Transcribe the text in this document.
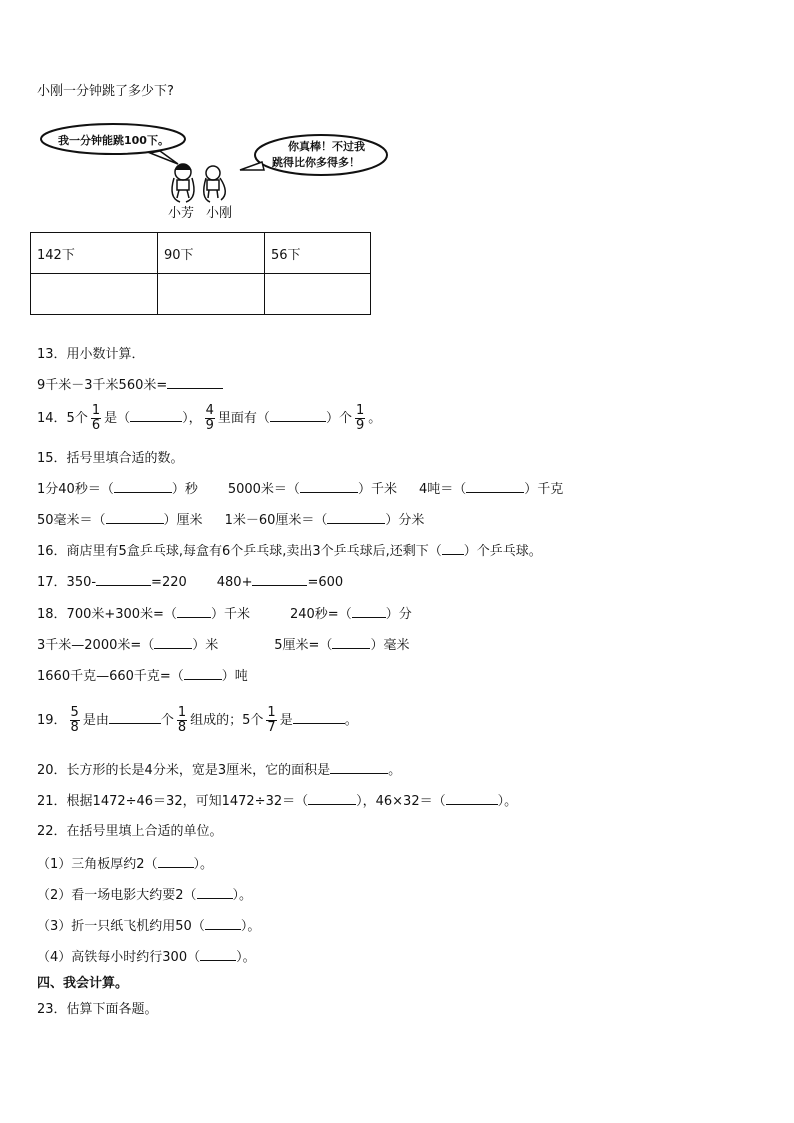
小刚一分钟跳了多少下?
我一分钟能跳100下。	你真棒！不过我
跳得比你多得多！
小芳 小刚
142下	90下	56下

13．用小数计算．
9千米－3千米560米=
14．5个 $\frac{1}{6}$ 是（	）， $\frac{4}{9}$ 里面有（	）个 $\frac{1}{9}$ 。
15．括号里填合适的数。
1分40秒＝（	）秒 5000米＝（	）千米 4吨＝（	）千克
50毫米＝（	）厘米 1米－60厘米＝（	）分米
16．商店里有5盒乒乓球,每盒有6个乒乓球,卖出3个乒乓球后,还剩下（ ）个乒乓球。
17．350-	=220 480+	=600
18．700米+300米=（	）千米	240秒=（	）分
3千米—2000米=（	）米	5厘米=（	）毫米
1660千克—660千克=（	）吨
19． $\frac{5}{8}$ 是由	个 $\frac{1}{8}$ 组成的；5个 $\frac{1}{7}$ 是	。
20．长方形的长是4分米，宽是3厘米，它的面积是	。
21．根据1472÷46＝32，可知1472÷32＝（	），46×32＝（	）。
22．在括号里填上合适的单位。
（1）三角板厚约2（	）。
（2）看一场电影大约要2（	）。
（3）折一只纸飞机约用50（	）。
（4）高铁每小时约行300（	）。
四、我会计算。
23．估算下面各题。
